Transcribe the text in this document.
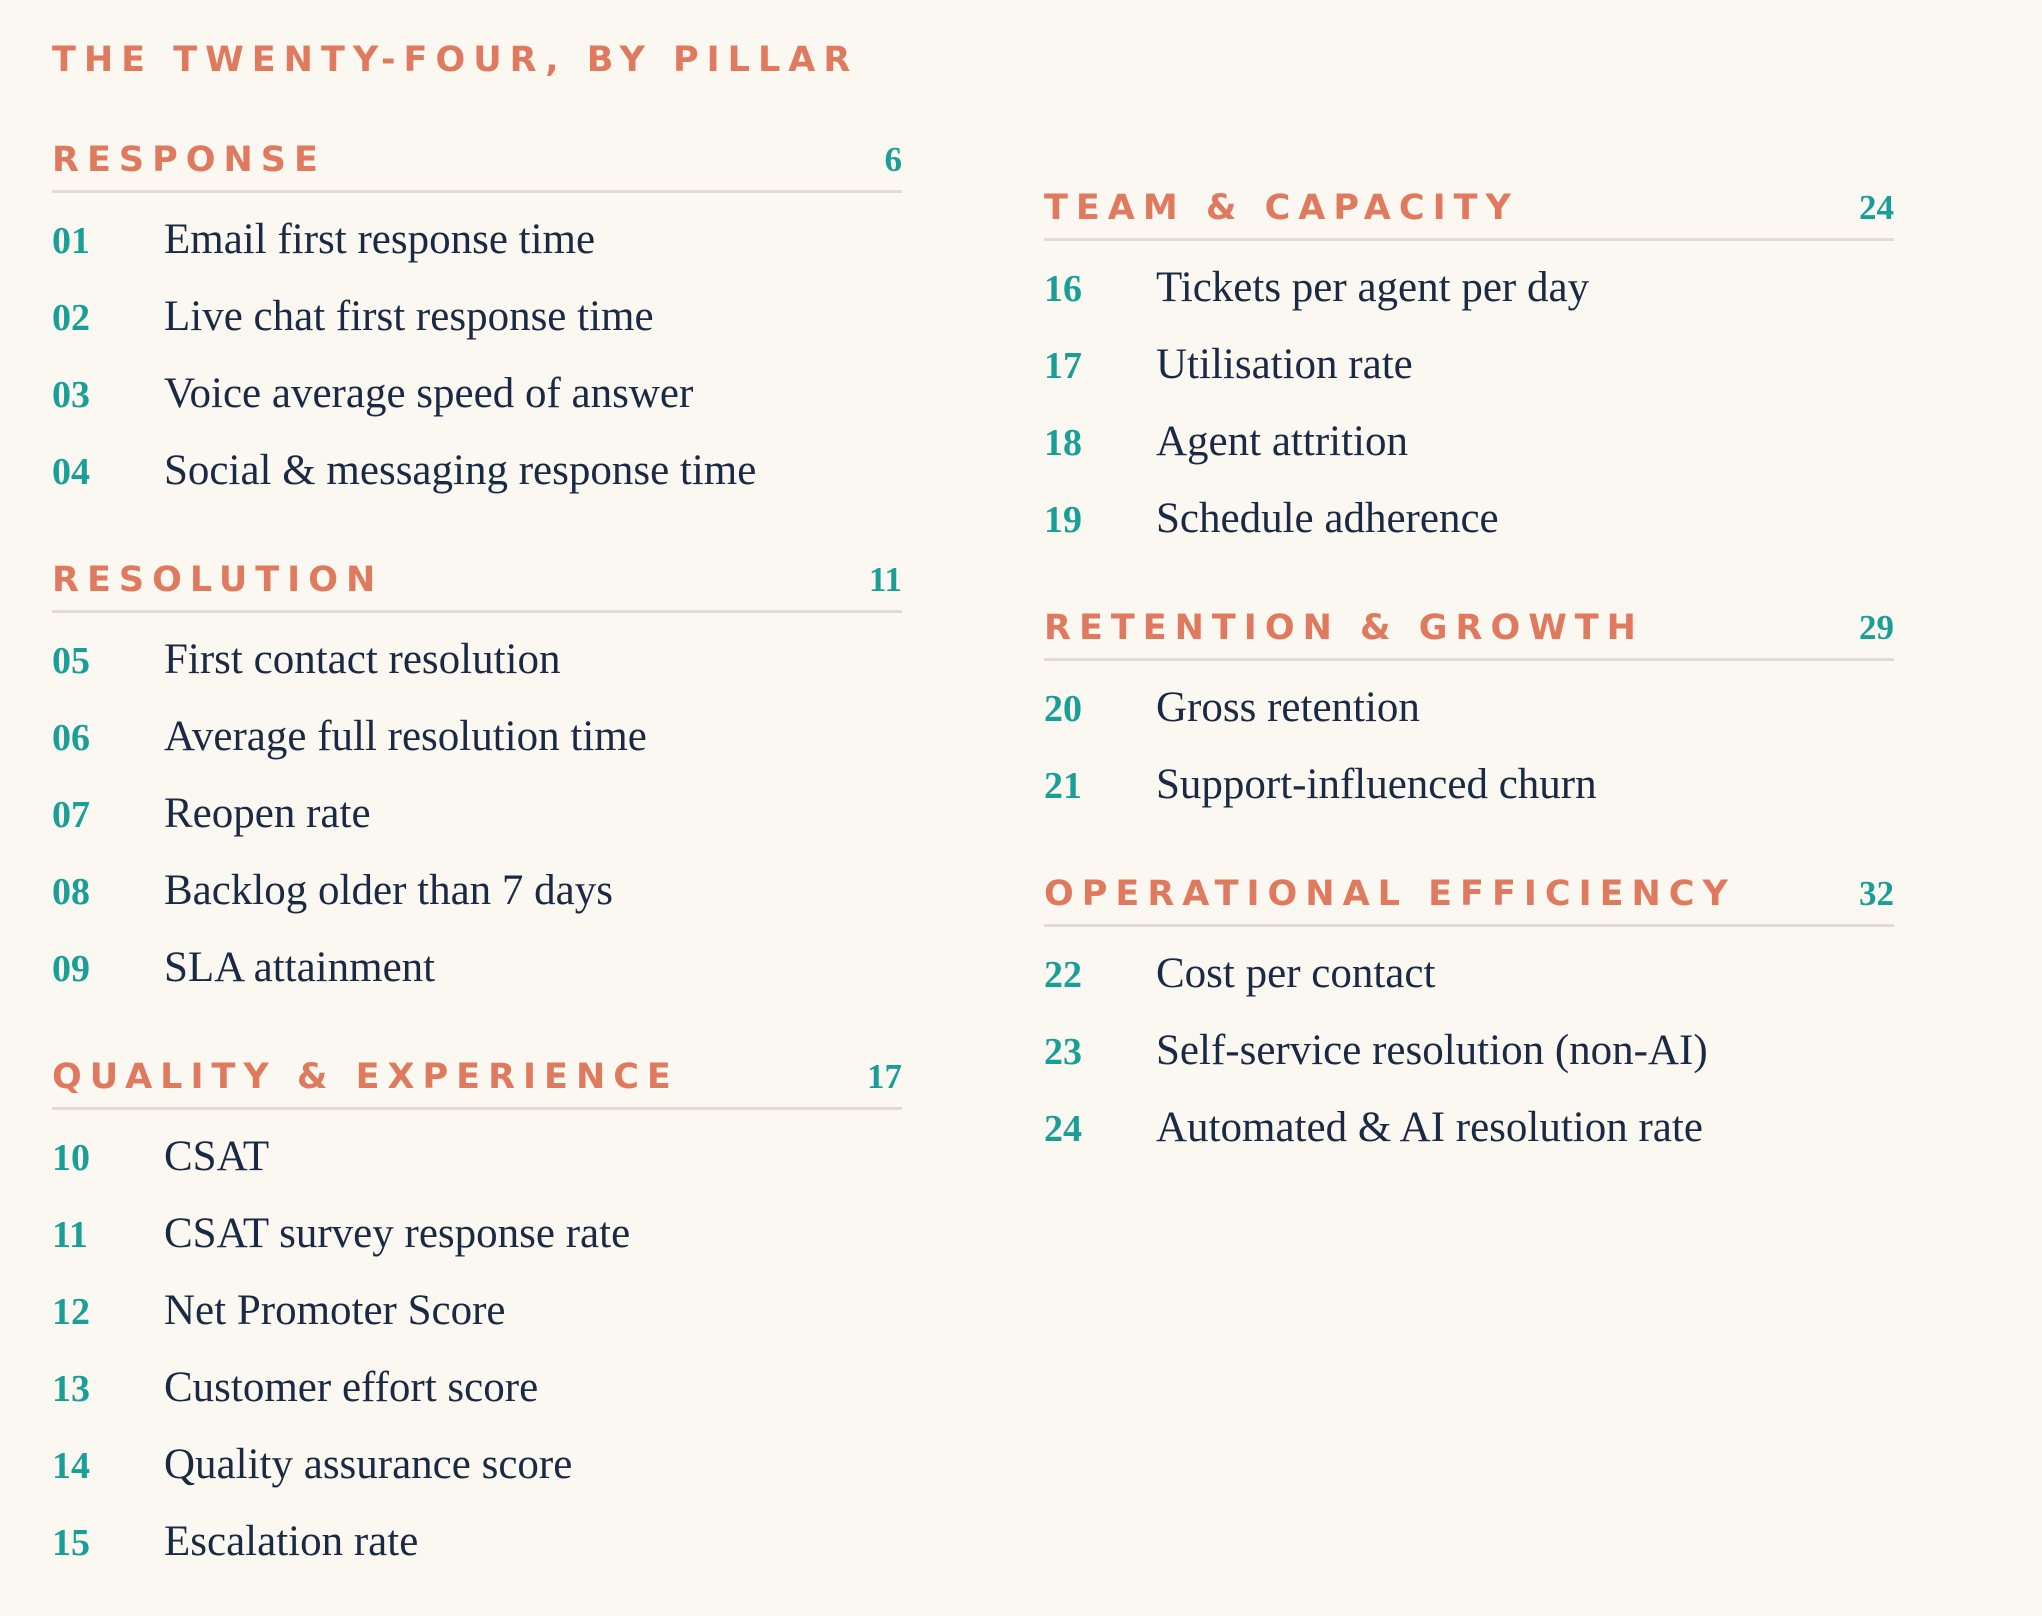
THE TWENTY-FOUR, BY PILLAR
RESPONSE	6
01	Email first response time
02	Live chat first response time
03	Voice average speed of answer
04	Social & messaging response time
RESOLUTION	11
05	First contact resolution
06	Average full resolution time
07	Reopen rate
08	Backlog older than 7 days
09	SLA attainment
QUALITY & EXPERIENCE	17
10	CSAT
11	CSAT survey response rate
12	Net Promoter Score
13	Customer effort score
14	Quality assurance score
15	Escalation rate
TEAM & CAPACITY	24
16	Tickets per agent per day
17	Utilisation rate
18	Agent attrition
19	Schedule adherence
RETENTION & GROWTH	29
20	Gross retention
21	Support-influenced churn
OPERATIONAL EFFICIENCY	32
22	Cost per contact
23	Self-service resolution (non-AI)
24	Automated & AI resolution rate
